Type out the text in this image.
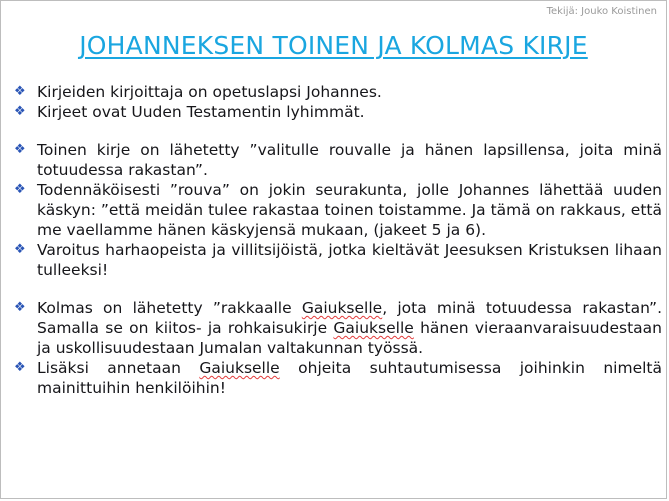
Tekijä: Jouko Koistinen
JOHANNEKSEN TOINEN JA KOLMAS KIRJE
❖ Kirjeiden kirjoittaja on opetuslapsi Johannes.
❖ Kirjeet ovat Uuden Testamentin lyhimmät.
❖ Toinen kirje on lähetetty ”valitulle rouvalle ja hänen lapsillensa, joita minä totuudessa rakastan”.
❖ Todennäköisesti ”rouva” on jokin seurakunta, jolle Johannes lähettää uuden käskyn: ”että meidän tulee rakastaa toinen toistamme. Ja tämä on rakkaus, että me vaellamme hänen käskyjensä mukaan, (jakeet 5 ja 6).
❖ Varoitus harhaopeista ja villitsijöistä, jotka kieltävät Jeesuksen Kristuksen lihaan tulleeksi!
❖ Kolmas on lähetetty ”rakkaalle Gaiukselle, jota minä totuudessa rakastan”. Samalla se on kiitos- ja rohkaisukirje Gaiukselle hänen vieraanvaraisuudestaan ja uskollisuudestaan Jumalan valtakunnan työssä.
❖ Lisäksi annetaan Gaiukselle ohjeita suhtautumisessa joihinkin nimeltä mainittuihin henkilöihin!
